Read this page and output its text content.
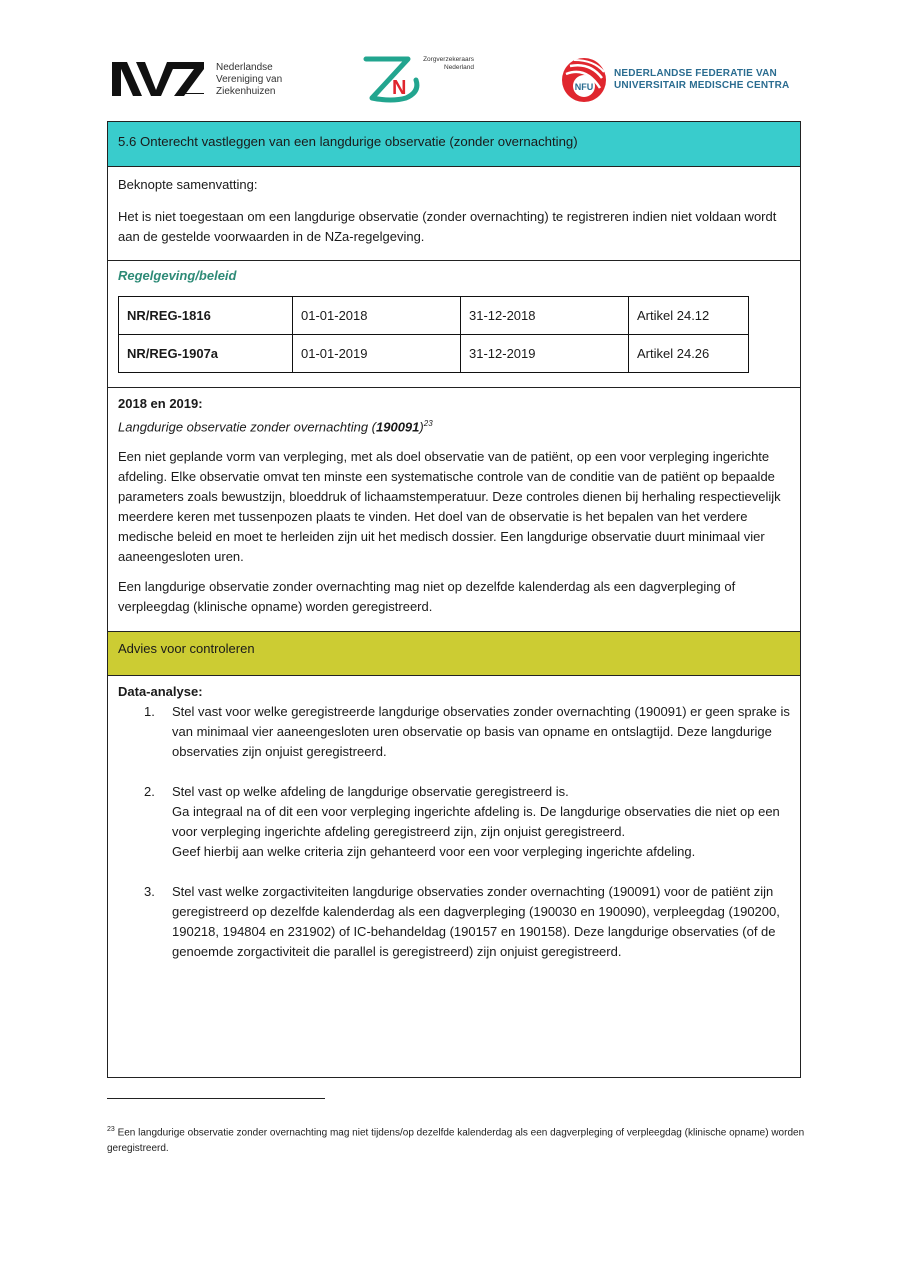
Nederlandse
Vereniging van
Ziekenhuizen	N
Zorgverzekeraars
Nederland
NFU
NEDERLANDSE FEDERATIE VAN
UNIVERSITAIR MEDISCHE CENTRA
5.6 Onterecht vastleggen van een langdurige observatie (zonder overnachting)

Beknopte samenvatting:

Het is niet toegestaan om een langdurige observatie (zonder overnachting) te registreren indien niet voldaan wordt aan de gestelde voorwaarden in de NZa-regelgeving.

Regelgeving/beleid
NR/REG-1816	01-01-2018	31-12-2018	Artikel 24.12
NR/REG-1907a	01-01-2019	31-12-2019	Artikel 24.26

2018 en 2019:

Langdurige observatie zonder overnachting $(190091)^{23}$

Een niet geplande vorm van verpleging, met als doel observatie van de patiënt, op een voor verpleging ingerichte afdeling. Elke observatie omvat ten minste een systematische controle van de conditie van de patiënt op bepaalde parameters zoals bewustzijn, bloeddruk of lichaamstemperatuur. Deze controles dienen bij herhaling respectievelijk meerdere keren met tussenpozen plaats te vinden. Het doel van de observatie is het bepalen van het verdere medische beleid en moet te herleiden zijn uit het medisch dossier. Een langdurige observatie duurt minimaal vier aaneengesloten uren.

Een langdurige observatie zonder overnachting mag niet op dezelfde kalenderdag als een dagverpleging of verpleegdag (klinische opname) worden geregistreerd.

Advies voor controleren
Data-analyse:
1. Stel vast voor welke geregistreerde langdurige observaties zonder overnachting (190091) er geen sprake is van minimaal vier aaneengesloten uren observatie op basis van opname en ontslagtijd. Deze langdurige observaties zijn onjuist geregistreerd.

2. Stel vast op welke afdeling de langdurige observatie geregistreerd is.

Ga integraal na of dit een voor verpleging ingerichte afdeling is. De langdurige observaties die niet op een voor verpleging ingerichte afdeling geregistreerd zijn, zijn onjuist geregistreerd.

Geef hierbij aan welke criteria zijn gehanteerd voor een voor verpleging ingerichte afdeling.

3. Stel vast welke zorgactiviteiten langdurige observaties zonder overnachting (190091) voor de patiënt zijn geregistreerd op dezelfde kalenderdag als een dagverpleging (190030 en 190090), verpleegdag (190200, 190218, 194804 en 231902) of IC-behandeldag (190157 en 190158). Deze langdurige observaties (of de genoemde zorgactiviteit die parallel is geregistreerd) zijn onjuist geregistreerd.

$^{23}$ Een langdurige observatie zonder overnachting mag niet tijdens/op dezelfde kalenderdag als een dagverpleging of verpleegdag (klinische opname) worden geregistreerd.
